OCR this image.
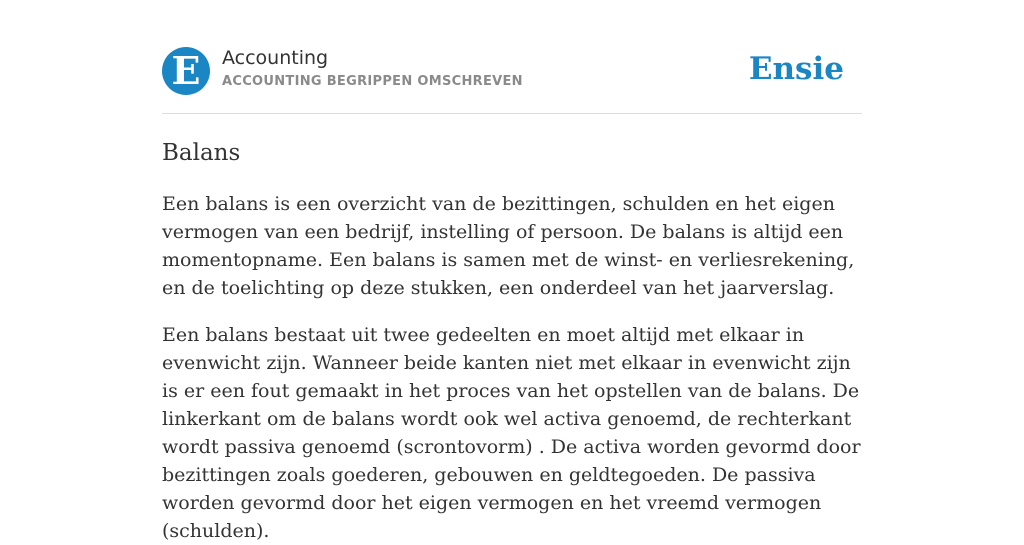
E	Accounting
ACCOUNTING BEGRIPPEN OMSCHREVEN	Ensie
Balans

Een balans is een overzicht van de bezittingen, schulden en het eigen vermogen van een bedrijf, instelling of persoon. De balans is altijd een momentopname. Een balans is samen met de winst- en verliesrekening, en de toelichting op deze stukken, een onderdeel van het jaarverslag.

Een balans bestaat uit twee gedeelten en moet altijd met elkaar in evenwicht zijn. Wanneer beide kanten niet met elkaar in evenwicht zijn is er een fout gemaakt in het proces van het opstellen van de balans. De linkerkant om de balans wordt ook wel activa genoemd, de rechterkant wordt passiva genoemd (scrontovorm) . De activa worden gevormd door bezittingen zoals goederen, gebouwen en geldtegoeden. De passiva worden gevormd door het eigen vermogen en het vreemd vermogen (schulden).
